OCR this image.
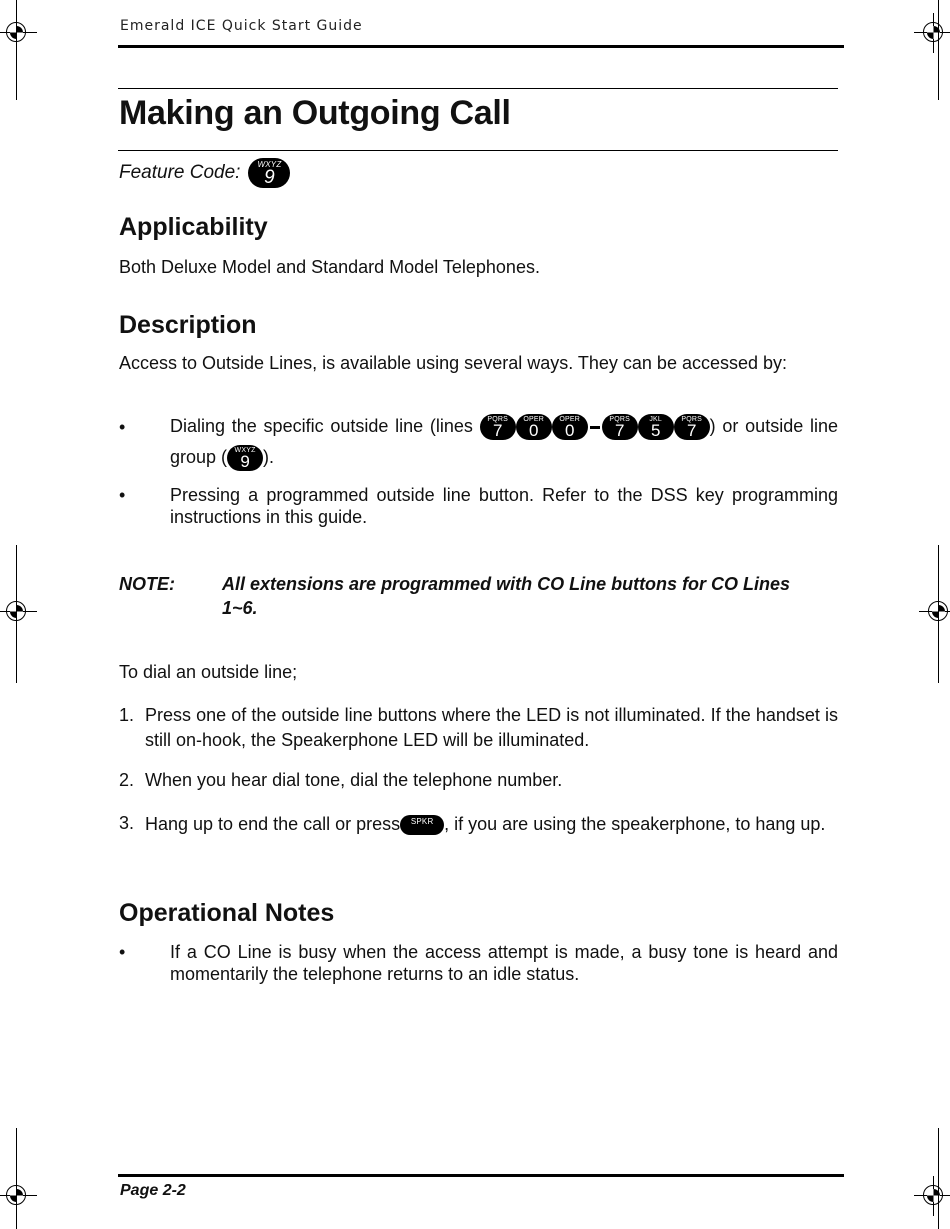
Emerald ICE Quick Start Guide
Making an Outgoing Call
Feature Code: WXYZ
9
Applicability

Both Deluxe Model and Standard Model Telephones.

Description

Access to Outside Lines, is available using several ways. They can be accessed by:

• Dialing the specific outside line (lines PQRS
7
OPER
0
OPER
0
PQRS
7
JKL
5
PQRS
7 ) or outside line group ( WXYZ
9 ).
• Pressing a programmed outside line button. Refer to the DSS key programming instructions in this guide.
NOTE:	All extensions are programmed with CO Line buttons for CO Lines 1~6.

To dial an outside line;

1. Press one of the outside line buttons where the LED is not illuminated. If the handset is still on-hook, the Speakerphone LED will be illuminated.
2. When you hear dial tone, dial the telephone number.
3. Hang up to end the call or press SPKR , if you are using the speakerphone, to hang up.
Operational Notes
• If a CO Line is busy when the access attempt is made, a busy tone is heard and momentarily the telephone returns to an idle status.
Page 2-2
